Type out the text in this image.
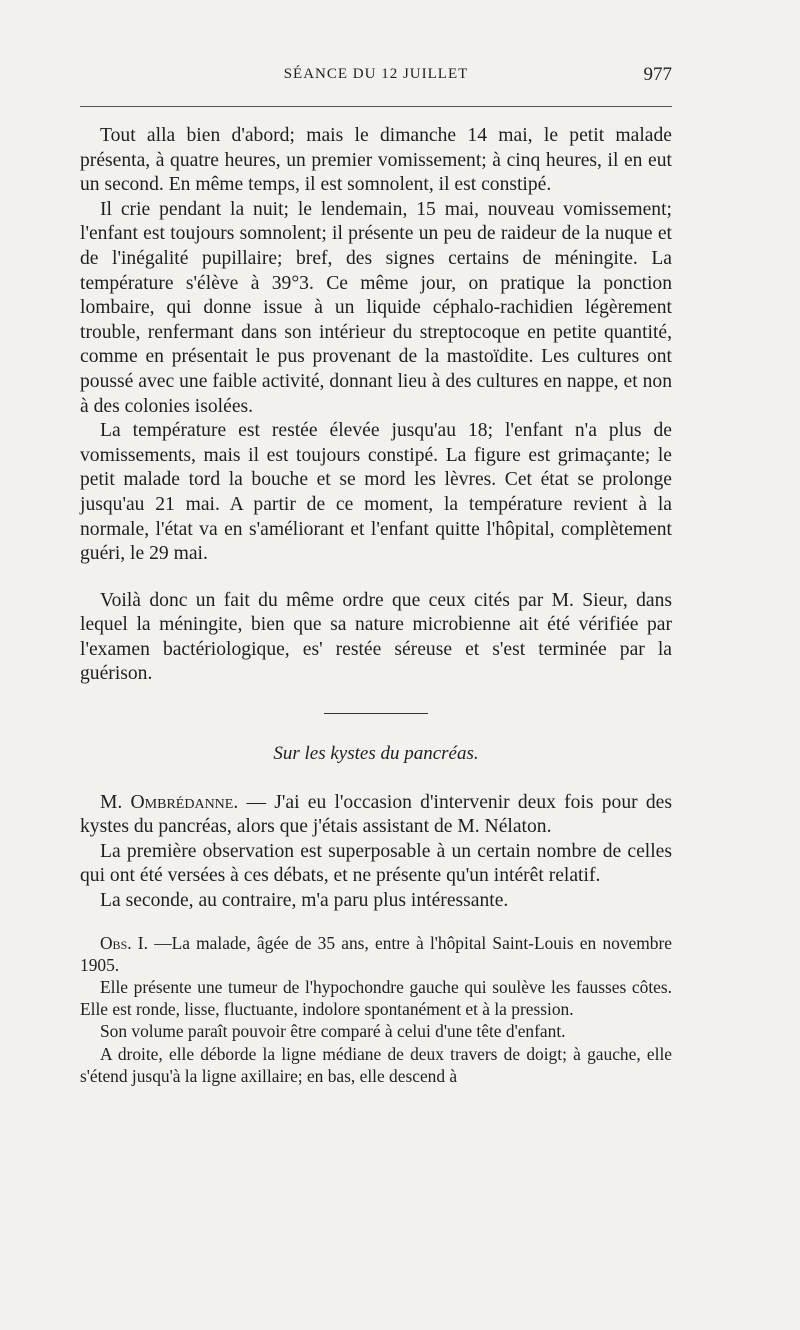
SÉANCE DU 12 JUILLET	977

Tout alla bien d'abord; mais le dimanche 14 mai, le petit malade présenta, à quatre heures, un premier vomissement; à cinq heures, il en eut un second. En même temps, il est somnolent, il est constipé.

Il crie pendant la nuit; le lendemain, 15 mai, nouveau vomissement; l'enfant est toujours somnolent; il présente un peu de raideur de la nuque et de l'inégalité pupillaire; bref, des signes certains de méningite. La température s'élève à 39°3. Ce même jour, on pratique la ponction lombaire, qui donne issue à un liquide céphalo-rachidien légèrement trouble, renfermant dans son intérieur du streptocoque en petite quantité, comme en présentait le pus provenant de la mastoïdite. Les cultures ont poussé avec une faible activité, donnant lieu à des cultures en nappe, et non à des colonies isolées.

La température est restée élevée jusqu'au 18; l'enfant n'a plus de vomissements, mais il est toujours constipé. La figure est grimaçante; le petit malade tord la bouche et se mord les lèvres. Cet état se prolonge jusqu'au 21 mai. A partir de ce moment, la température revient à la normale, l'état va en s'améliorant et l'enfant quitte l'hôpital, complètement guéri, le 29 mai.

Voilà donc un fait du même ordre que ceux cités par M. Sieur, dans lequel la méningite, bien que sa nature microbienne ait été vérifiée par l'examen bactériologique, es' restée séreuse et s'est terminée par la guérison.

Sur les kystes du pancréas.

M. Ombrédanne. — J'ai eu l'occasion d'intervenir deux fois pour des kystes du pancréas, alors que j'étais assistant de M. Nélaton.

La première observation est superposable à un certain nombre de celles qui ont été versées à ces débats, et ne présente qu'un intérêt relatif.

La seconde, au contraire, m'a paru plus intéressante.

Obs. I. —La malade, âgée de 35 ans, entre à l'hôpital Saint-Louis en novembre 1905.

Elle présente une tumeur de l'hypochondre gauche qui soulève les fausses côtes. Elle est ronde, lisse, fluctuante, indolore spontanément et à la pression.

Son volume paraît pouvoir être comparé à celui d'une tête d'enfant.

A droite, elle déborde la ligne médiane de deux travers de doigt; à gauche, elle s'étend jusqu'à la ligne axillaire; en bas, elle descend à
